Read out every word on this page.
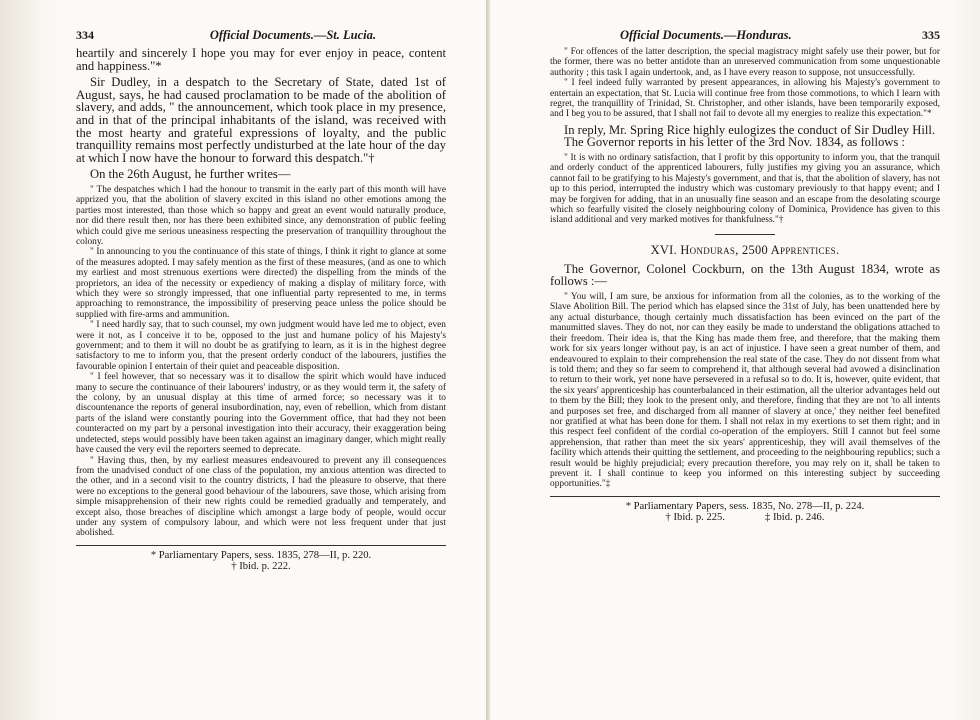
334	Official Documents.—St. Lucia.

heartily and sincerely I hope you may for ever enjoy in peace, content and happiness."*

Sir Dudley, in a despatch to the Secretary of State, dated 1st of August, says, he had caused proclamation to be made of the abolition of slavery, and adds, " the announcement, which took place in my presence, and in that of the principal inhabitants of the island, was received with the most hearty and grateful expressions of loyalty, and the public tranquillity remains most perfectly undisturbed at the late hour of the day at which I now have the honour to forward this despatch."†

On the 26th August, he further writes—

" The despatches which I had the honour to transmit in the early part of this month will have apprized you, that the abolition of slavery excited in this island no other emotions among the parties most interested, than those which so happy and great an event would naturally produce, nor did there result then, nor has there been exhibited since, any demonstration of public feeling which could give me serious uneasiness respecting the preservation of tranquillity throughout the colony.

" In announcing to you the continuance of this state of things, I think it right to glance at some of the measures adopted. I may safely mention as the first of these measures, (and as one to which my earliest and most strenuous exertions were directed) the dispelling from the minds of the proprietors, an idea of the necessity or expediency of making a display of military force, with which they were so strongly impressed, that one influential party represented to me, in terms approaching to remonstrance, the impossibility of preserving peace unless the police should be supplied with fire-arms and ammunition.

" I need hardly say, that to such counsel, my own judgment would have led me to object, even were it not, as I conceive it to be, opposed to the just and humane policy of his Majesty's government; and to them it will no doubt be as gratifying to learn, as it is in the highest degree satisfactory to me to inform you, that the present orderly conduct of the labourers, justifies the favourable opinion I entertain of their quiet and peaceable disposition.

" I feel however, that so necessary was it to disallow the spirit which would have induced many to secure the continuance of their labourers' industry, or as they would term it, the safety of the colony, by an unusual display at this time of armed force; so necessary was it to discountenance the reports of general insubordination, nay, even of rebellion, which from distant parts of the island were constantly pouring into the Government office, that had they not been counteracted on my part by a personal investigation into their accuracy, their exaggeration being undetected, steps would possibly have been taken against an imaginary danger, which might really have caused the very evil the reporters seemed to deprecate.

" Having thus, then, by my earliest measures endeavoured to prevent any ill consequences from the unadvised conduct of one class of the population, my anxious attention was directed to the other, and in a second visit to the country districts, I had the pleasure to observe, that there were no exceptions to the general good behaviour of the labourers, save those, which arising from simple misapprehension of their new rights could be remedied gradually and temperately, and except also, those breaches of discipline which amongst a large body of people, would occur under any system of compulsory labour, and which were not less frequent under that just abolished.

* Parliamentary Papers, sess. 1835, 278—II, p. 220.
† Ibid. p. 222.
Official Documents.—Honduras.	335

" For offences of the latter description, the special magistracy might safely use their power, but for the former, there was no better antidote than an unreserved communication from some unquestionable authority ; this task I again undertook, and, as I have every reason to suppose, not unsuccessfully.

" I feel indeed fully warranted by present appearances, in allowing his Majesty's government to entertain an expectation, that St. Lucia will continue free from those commotions, to which I learn with regret, the tranquillity of Trinidad, St. Christopher, and other islands, have been temporarily exposed, and I beg you to be assured, that I shall not fail to devote all my energies to realize this expectation."*

In reply, Mr. Spring Rice highly eulogizes the conduct of Sir Dudley Hill.

The Governor reports in his letter of the 3rd Nov. 1834, as follows :

" It is with no ordinary satisfaction, that I profit by this opportunity to inform you, that the tranquil and orderly conduct of the apprenticed labourers, fully justifies my giving you an assurance, which cannot fail to be gratifying to his Majesty's government, and that is, that the abolition of slavery, has not up to this period, interrupted the industry which was customary previously to that happy event; and I may be forgiven for adding, that in an unusually fine season and an escape from the desolating scourge which so fearfully visited the closely neighbouring colony of Dominica, Providence has given to this island additional and very marked motives for thankfulness."†

XVI. Honduras, 2500 Apprentices.

The Governor, Colonel Cockburn, on the 13th August 1834, wrote as follows :—

" You will, I am sure, be anxious for information from all the colonies, as to the working of the Slave Abolition Bill. The period which has elapsed since the 31st of July, has been unattended here by any actual disturbance, though certainly much dissatisfaction has been evinced on the part of the manumitted slaves. They do not, nor can they easily be made to understand the obligations attached to their freedom. Their idea is, that the King has made them free, and therefore, that the making them work for six years longer without pay, is an act of injustice. I have seen a great number of them, and endeavoured to explain to their comprehension the real state of the case. They do not dissent from what is told them; and they so far seem to comprehend it, that although several had avowed a disinclination to return to their work, yet none have persevered in a refusal so to do. It is, however, quite evident, that the six years' apprenticeship has counterbalanced in their estimation, all the ulterior advantages held out to them by the Bill; they look to the present only, and therefore, finding that they are not 'to all intents and purposes set free, and discharged from all manner of slavery at once,' they neither feel benefited nor gratified at what has been done for them. I shall not relax in my exertions to set them right; and in this respect feel confident of the cordial co-operation of the employers. Still I cannot but feel some apprehension, that rather than meet the six years' apprenticeship, they will avail themselves of the facility which attends their quitting the settlement, and proceeding to the neighbouring republics; such a result would be highly prejudicial; every precaution therefore, you may rely on it, shall be taken to prevent it. I shall continue to keep you informed on this interesting subject by succeeding opportunities."‡

* Parliamentary Papers, sess. 1835, No. 278—II, p. 224.
† Ibid. p. 225.	‡ Ibid. p. 246.
